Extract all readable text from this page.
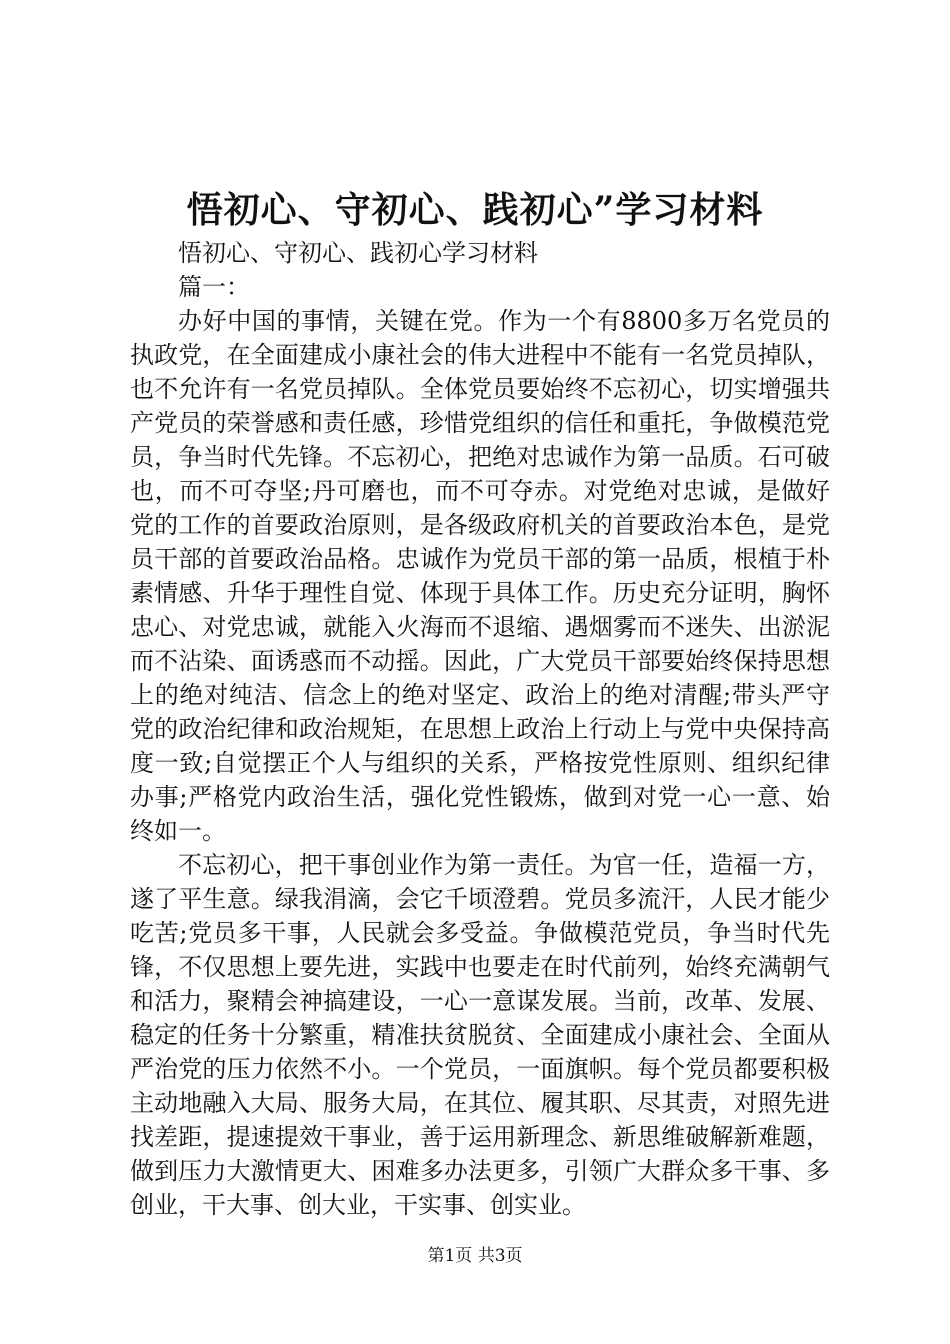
悟初心、守初心、践初心”学习材料

悟初心、守初心、践初心学习材料

篇一：

办好中国的事情，关键在党。作为一个有8800多万名党员的执政党，在全面建成小康社会的伟大进程中不能有一名党员掉队，也不允许有一名党员掉队。全体党员要始终不忘初心，切实增强共产党员的荣誉感和责任感，珍惜党组织的信任和重托，争做模范党员，争当时代先锋。不忘初心，把绝对忠诚作为第一品质。石可破也，而不可夺坚;丹可磨也，而不可夺赤。对党绝对忠诚，是做好党的工作的首要政治原则，是各级政府机关的首要政治本色，是党员干部的首要政治品格。忠诚作为党员干部的第一品质，根植于朴素情感、升华于理性自觉、体现于具体工作。历史充分证明，胸怀忠心、对党忠诚，就能入火海而不退缩、遇烟雾而不迷失、出淤泥而不沾染、面诱惑而不动摇。因此，广大党员干部要始终保持思想上的绝对纯洁、信念上的绝对坚定、政治上的绝对清醒;带头严守党的政治纪律和政治规矩，在思想上政治上行动上与党中央保持高度一致;自觉摆正个人与组织的关系，严格按党性原则、组织纪律办事;严格党内政治生活，强化党性锻炼，做到对党一心一意、始终如一。

不忘初心，把干事创业作为第一责任。为官一任，造福一方，遂了平生意。绿我涓滴，会它千顷澄碧。党员多流汗，人民才能少吃苦;党员多干事，人民就会多受益。争做模范党员，争当时代先锋，不仅思想上要先进，实践中也要走在时代前列，始终充满朝气和活力，聚精会神搞建设，一心一意谋发展。当前，改革、发展、稳定的任务十分繁重，精准扶贫脱贫、全面建成小康社会、全面从严治党的压力依然不小。一个党员，一面旗帜。每个党员都要积极主动地融入大局、服务大局，在其位、履其职、尽其责，对照先进找差距，提速提效干事业，善于运用新理念、新思维破解新难题，做到压力大激情更大、困难多办法更多，引领广大群众多干事、多创业，干大事、创大业，干实事、创实业。

第1页 共3页
